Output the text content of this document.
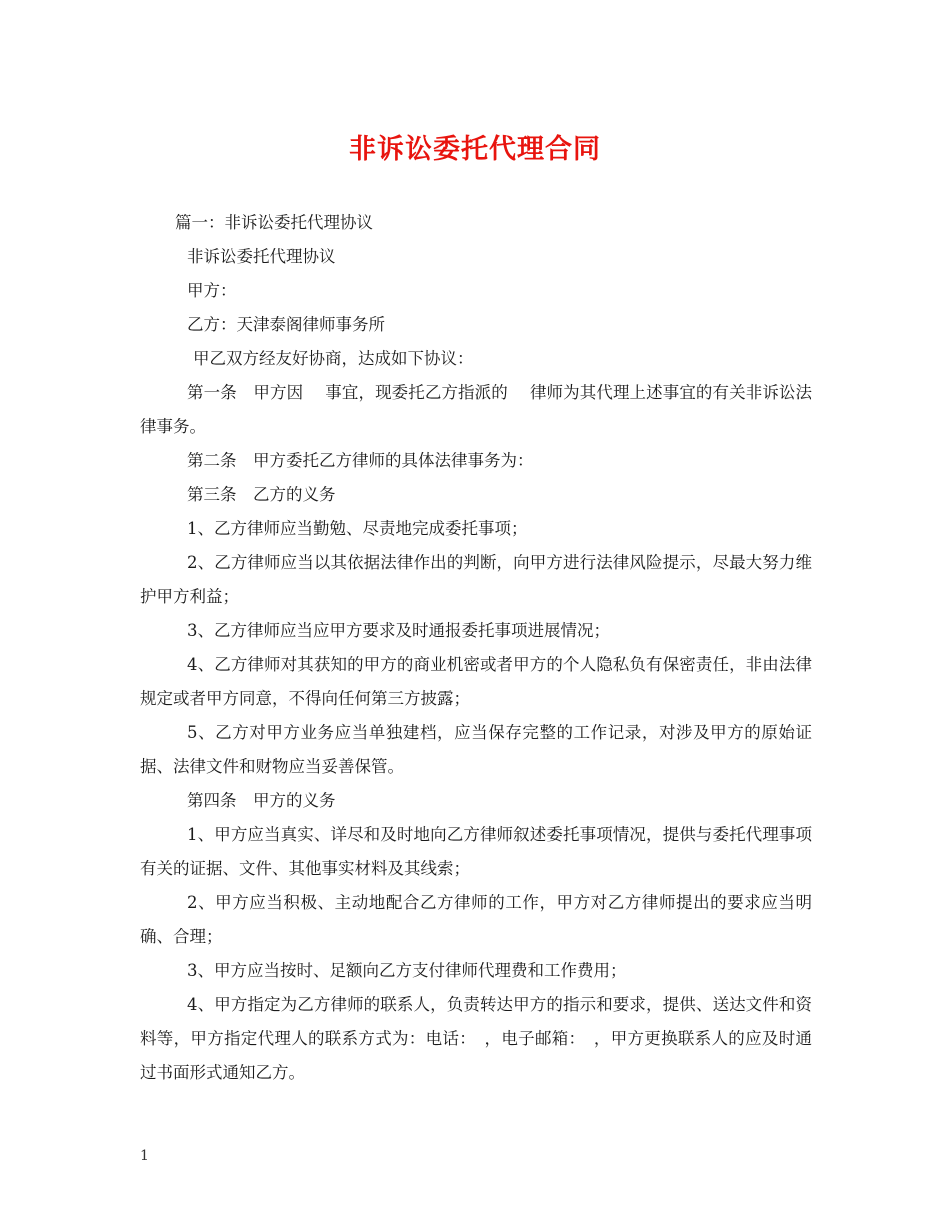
非诉讼委托代理合同

篇一：非诉讼委托代理协议

非诉讼委托代理协议

甲方：

乙方：天津泰阁律师事务所

甲乙双方经友好协商，达成如下协议：

第一条　甲方因 事宜，现委托乙方指派的 律师为其代理上述事宜的有关非诉讼法律事务。

第二条　甲方委托乙方律师的具体法律事务为：

第三条　乙方的义务

1、乙方律师应当勤勉、尽责地完成委托事项；

2、乙方律师应当以其依据法律作出的判断，向甲方进行法律风险提示，尽最大努力维护甲方利益；

3、乙方律师应当应甲方要求及时通报委托事项进展情况；

4、乙方律师对其获知的甲方的商业机密或者甲方的个人隐私负有保密责任，非由法律规定或者甲方同意，不得向任何第三方披露；

5、乙方对甲方业务应当单独建档，应当保存完整的工作记录，对涉及甲方的原始证据、法律文件和财物应当妥善保管。

第四条　甲方的义务

1、甲方应当真实、详尽和及时地向乙方律师叙述委托事项情况，提供与委托代理事项有关的证据、文件、其他事实材料及其线索；

2、甲方应当积极、主动地配合乙方律师的工作，甲方对乙方律师提出的要求应当明确、合理；

3、甲方应当按时、足额向乙方支付律师代理费和工作费用；

4、甲方指定为乙方律师的联系人，负责转达甲方的指示和要求，提供、送达文件和资料等，甲方指定代理人的联系方式为：电话：　，电子邮箱：　，甲方更换联系人的应及时通过书面形式通知乙方。

1
